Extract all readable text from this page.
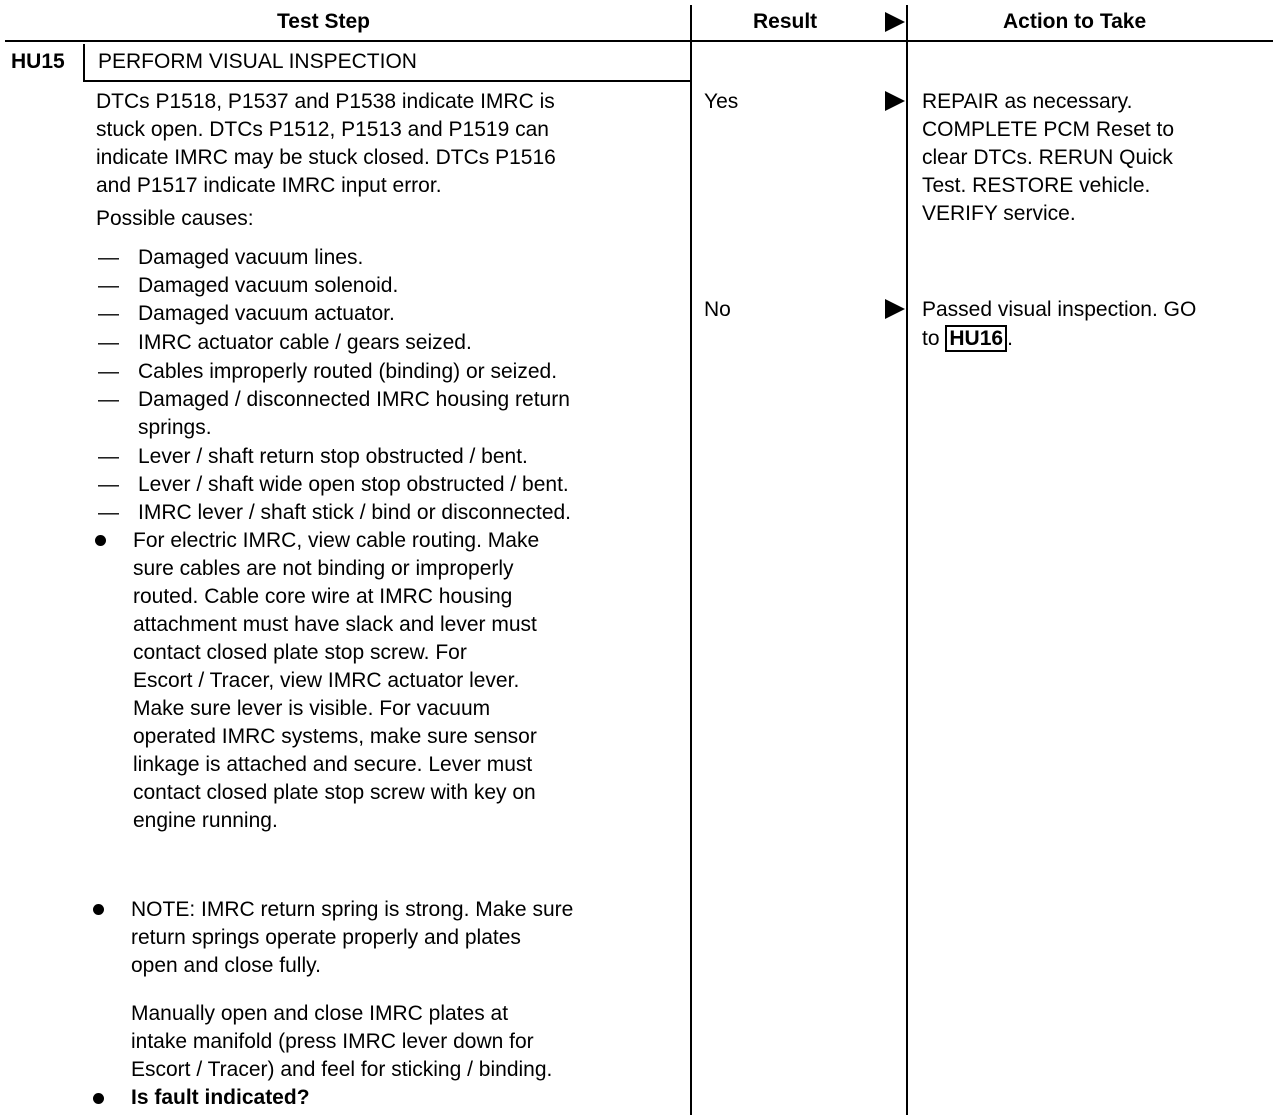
Test Step	Result	Action to Take
HU15 PERFORM VISUAL INSPECTION
DTCs P1518, P1537 and P1538 indicate IMRC is
stuck open. DTCs P1512, P1513 and P1519 can
indicate IMRC may be stuck closed. DTCs P1516
and P1517 indicate IMRC input error.
Possible causes:
— Damaged vacuum lines.
— Damaged vacuum solenoid.
— Damaged vacuum actuator.
— IMRC actuator cable / gears seized.
— Cables improperly routed (binding) or seized.
— Damaged / disconnected IMRC housing return
springs.
— Lever / shaft return stop obstructed / bent.
— Lever / shaft wide open stop obstructed / bent.
— IMRC lever / shaft stick / bind or disconnected.
For electric IMRC, view cable routing. Make
sure cables are not binding or improperly
routed. Cable core wire at IMRC housing
attachment must have slack and lever must
contact closed plate stop screw. For
Escort / Tracer, view IMRC actuator lever.
Make sure lever is visible. For vacuum
operated IMRC systems, make sure sensor
linkage is attached and secure. Lever must
contact closed plate stop screw with key on
engine running.
NOTE: IMRC return spring is strong. Make sure
return springs operate properly and plates
open and close fully.
Manually open and close IMRC plates at
intake manifold (press IMRC lever down for
Escort / Tracer) and feel for sticking / binding.
Is fault indicated?
Yes	REPAIR as necessary.
COMPLETE PCM Reset to
clear DTCs. RERUN Quick
Test. RESTORE vehicle.
VERIFY service.
No	Passed visual inspection. GO
to HU16 .
